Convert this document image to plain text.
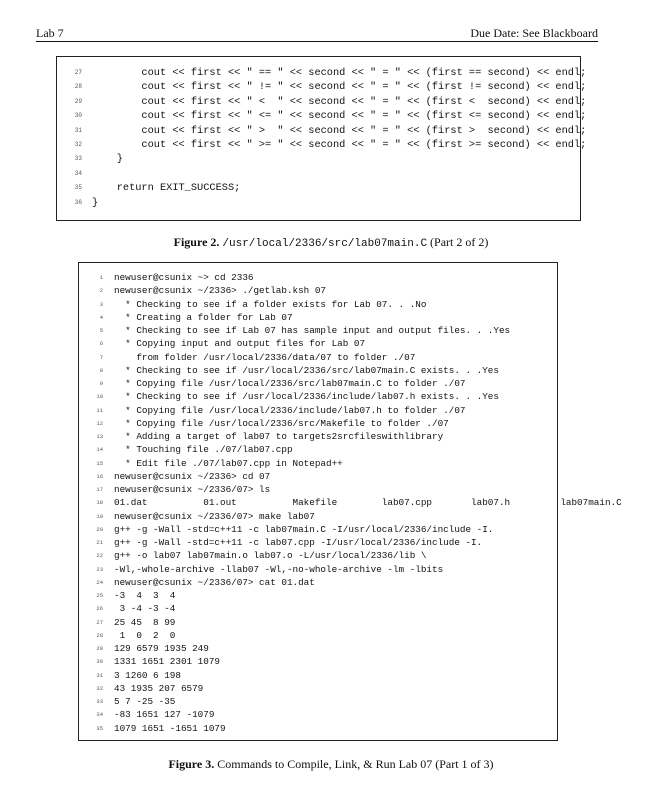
Lab 7	Due Date: See Blackboard
27 cout << first << " == " << second << " = " << (first == second) << endl;
28 cout << first << " != " << second << " = " << (first != second) << endl;
29 cout << first << " <  " << second << " = " << (first <  second) << endl;
30 cout << first << " <= " << second << " = " << (first <= second) << endl;
31 cout << first << " >  " << second << " = " << (first >  second) << endl;
32 cout << first << " >= " << second << " = " << (first >= second) << endl;
33 }
34
35 return EXIT_SUCCESS;
36 }
Figure 2. /usr/local/2336/src/lab07main.C (Part 2 of 2)
1 newuser@csunix ~> cd 2336
2 newuser@csunix ~/2336> ./getlab.ksh 07
3 * Checking to see if a folder exists for Lab 07. . .No
4 * Creating a folder for Lab 07
5 * Checking to see if Lab 07 has sample input and output files. . .Yes
6 * Copying input and output files for Lab 07
7 from folder /usr/local/2336/data/07 to folder ./07
8 * Checking to see if /usr/local/2336/src/lab07main.C exists. . .Yes
9 * Copying file /usr/local/2336/src/lab07main.C to folder ./07
10 * Checking to see if /usr/local/2336/include/lab07.h exists. . .Yes
11 * Copying file /usr/local/2336/include/lab07.h to folder ./07
12 * Copying file /usr/local/2336/src/Makefile to folder ./07
13 * Adding a target of lab07 to targets2srcfileswithlibrary
14 * Touching file ./07/lab07.cpp
15 * Edit file ./07/lab07.cpp in Notepad++
16 newuser@csunix ~/2336> cd 07
17 newuser@csunix ~/2336/07> ls
18 01.dat          01.out          Makefile        lab07.cpp       lab07.h         lab07main.C
19 newuser@csunix ~/2336/07> make lab07
20 g++ -g -Wall -std=c++11 -c lab07main.C -I/usr/local/2336/include -I.
21 g++ -g -Wall -std=c++11 -c lab07.cpp -I/usr/local/2336/include -I.
22 g++ -o lab07 lab07main.o lab07.o -L/usr/local/2336/lib \
23 -Wl,-whole-archive -llab07 -Wl,-no-whole-archive -lm -lbits
24 newuser@csunix ~/2336/07> cat 01.dat
25 -3  4  3  4
26 3 -4 -3 -4
27 25 45  8 99
28 1  0  2  0
29 129 6579 1935 249
30 1331 1651 2301 1079
31 3 1260 6 198
32 43 1935 207 6579
33 5 7 -25 -35
34 -83 1651 127 -1079
35 1079 1651 -1651 1079
Figure 3. Commands to Compile, Link, & Run Lab 07 (Part 1 of 3)
